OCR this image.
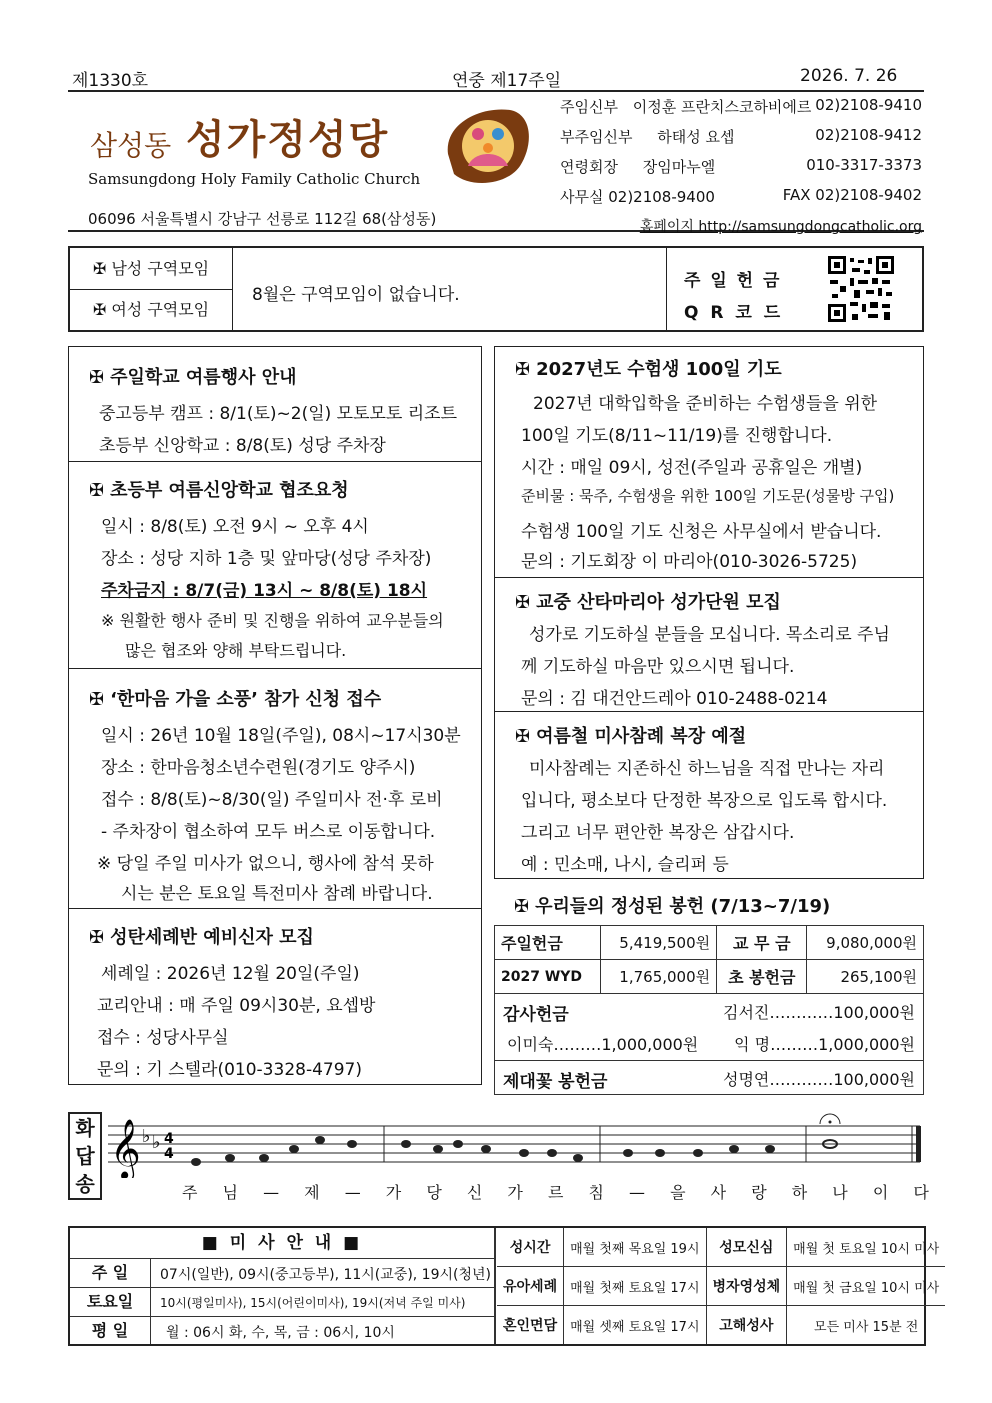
제1330호	연중 제17주일	2026. 7. 26
삼성동 성가정성당
Samsungdong Holy Family Catholic Church
06096 서울특별시 강남구 선릉로 112길 68(삼성동)
주임신부 이정훈 프란치스코하비에르 02)2108-9410
부주임신부 하태성 요셉	02)2108-9412
연령회장 장임마누엘	010-3317-3373
사무실 02)2108-9400	FAX 02)2108-9402
홈페이지 http://samsungdongcatholic.org
✠ 남성 구역모임
✠ 여성 구역모임
8월은 구역모임이 없습니다.
주 일 헌 금
Q R 코 드
✠ 주일학교 여름행사 안내
중고등부 캠프 : 8/1(토)~2(일) 모토모토 리조트
초등부 신앙학교 : 8/8(토) 성당 주차장
✠ 초등부 여름신앙학교 협조요청
일시 : 8/8(토) 오전 9시 ~ 오후 4시
장소 : 성당 지하 1층 및 앞마당(성당 주차장)
주차금지 : 8/7(금) 13시 ~ 8/8(토) 18시
※ 원활한 행사 준비 및 진행을 위하여 교우분들의
많은 협조와 양해 부탁드립니다.
✠ ‘한마음 가을 소풍’ 참가 신청 접수
일시 : 26년 10월 18일(주일), 08시~17시30분
장소 : 한마음청소년수련원(경기도 양주시)
접수 : 8/8(토)~8/30(일) 주일미사 전·후 로비
- 주차장이 협소하여 모두 버스로 이동합니다.
※ 당일 주일 미사가 없으니, 행사에 참석 못하
시는 분은 토요일 특전미사 참례 바랍니다.
✠ 성탄세례반 예비신자 모집
세례일 : 2026년 12월 20일(주일)
교리안내 : 매 주일 09시30분, 요셉방
접수 : 성당사무실
문의 : 기 스텔라(010-3328-4797)
✠ 2027년도 수험생 100일 기도
2027년 대학입학을 준비하는 수험생들을 위한
100일 기도(8/11~11/19)를 진행합니다.
시간 : 매일 09시, 성전(주일과 공휴일은 개별)
준비물 : 묵주, 수험생을 위한 100일 기도문(성물방 구입)
수험생 100일 기도 신청은 사무실에서 받습니다.
문의 : 기도회장 이 마리아(010-3026-5725)
✠ 교중 산타마리아 성가단원 모집
성가로 기도하실 분들을 모십니다. 목소리로 주님
께 기도하실 마음만 있으시면 됩니다.
문의 : 김 대건안드레아 010-2488-0214
✠ 여름철 미사참례 복장 예절
미사참례는 지존하신 하느님을 직접 만나는 자리
입니다, 평소보다 단정한 복장으로 입도록 합시다.
그리고 너무 편안한 복장은 삼갑시다.
예 : 민소매, 나시, 슬리퍼 등
✠ 우리들의 정성된 봉헌 (7/13~7/19)
주일헌금	5,419,500원	교 무 금	9,080,000원
2027 WYD	1,765,000원	초 봉헌금	265,100원

감사헌금 김서진…………100,000원
이미숙………1,000,000원 익 명………1,000,000원			

제대꽃 봉헌금 성명연…………100,000원			
화
답
송
𝄞 ♭ ♭ 4
4
주 님 — 제 — 가 당 신 가 르 침 — 을 사 랑 하 나 이 다
■ 미 사 안 내 ■
주 일	07시(일반), 09시(중고등부), 11시(교중), 19시(청년)
토요일	10시(평일미사), 15시(어린이미사), 19시(저녁 주일 미사)
평 일	월 : 06시 화, 수, 목, 금 : 06시, 10시
성시간	매월 첫째 목요일 19시	성모신심	매월 첫 토요일 10시 미사
유아세례	매월 첫째 토요일 17시	병자영성체	매월 첫 금요일 10시 미사
혼인면담	매월 셋째 토요일 17시	고해성사	모든 미사 15분 전
